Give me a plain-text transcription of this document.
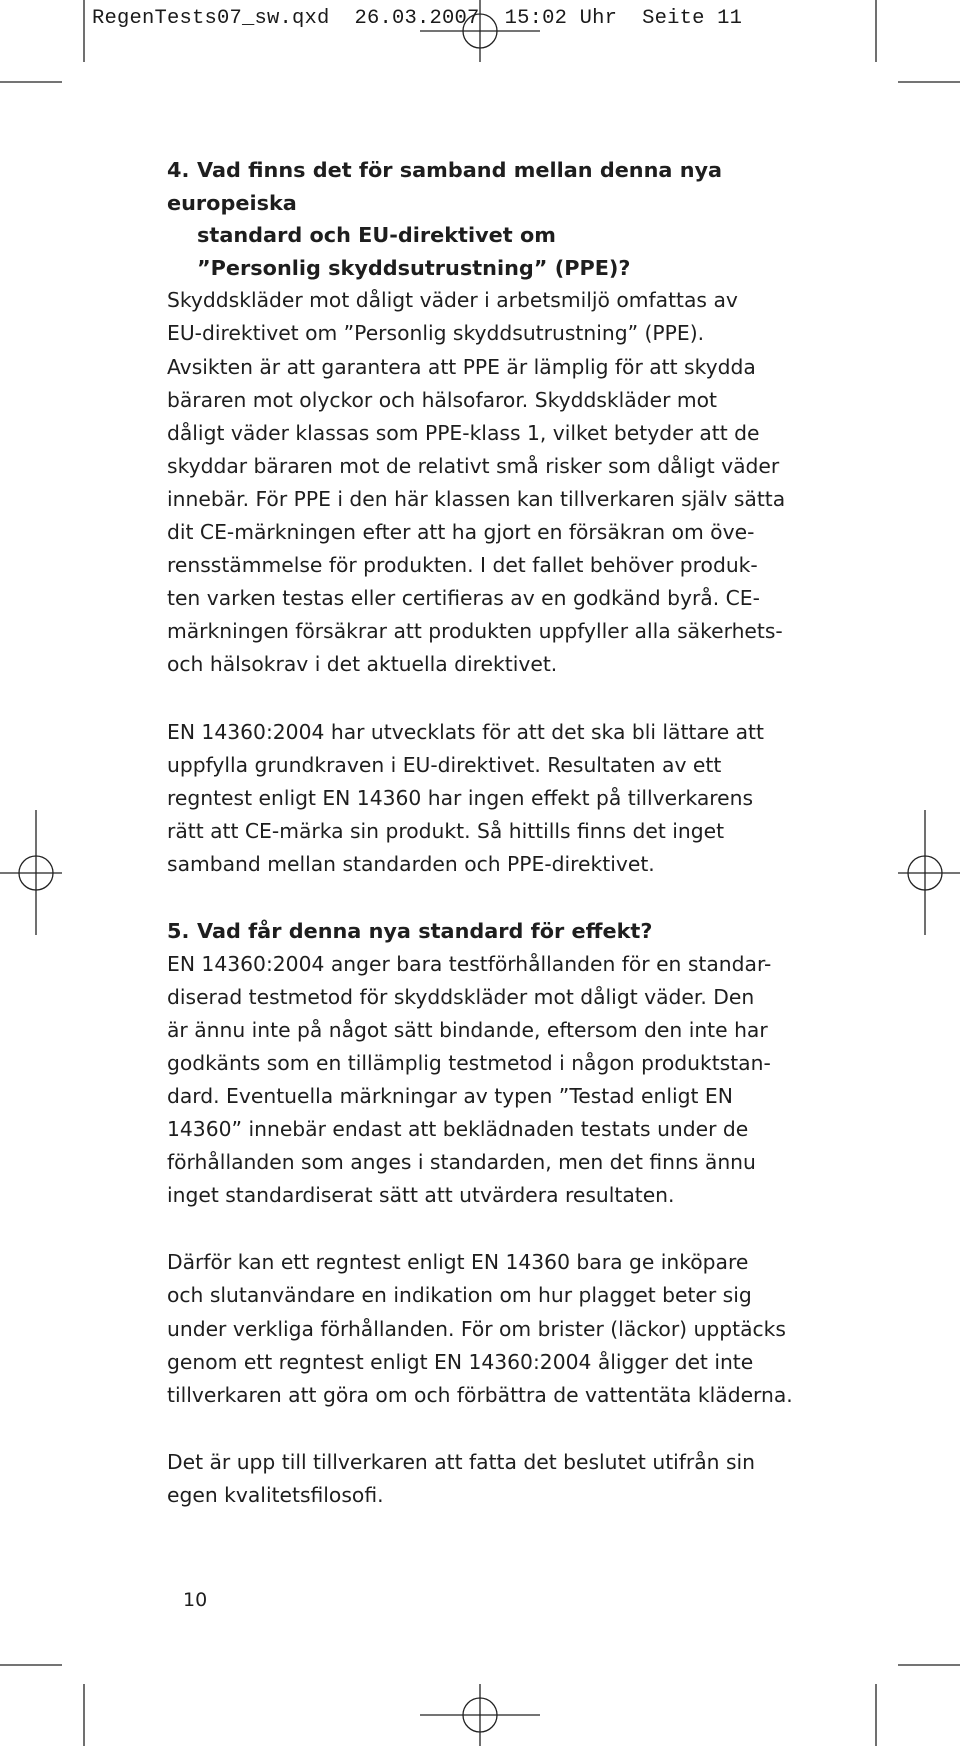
RegenTests07_sw.qxd  26.03.2007  15:02 Uhr  Seite 11
4. Vad finns det för samband mellan denna nya europeiska
standard och EU-direktivet om
”Personlig skyddsutrustning” (PPE)?
Skyddskläder mot dåligt väder i arbetsmiljö omfattas av
EU-direktivet om ”Personlig skyddsutrustning” (PPE).
Avsikten är att garantera att PPE är lämplig för att skydda
bäraren mot olyckor och hälsofaror. Skyddskläder mot
dåligt väder klassas som PPE-klass 1, vilket betyder att de
skyddar bäraren mot de relativt små risker som dåligt väder
innebär. För PPE i den här klassen kan tillverkaren själv sätta
dit CE-märkningen efter att ha gjort en försäkran om öve-
rensstämmelse för produkten. I det fallet behöver produk-
ten varken testas eller certifieras av en godkänd byrå. CE-
märkningen försäkrar att produkten uppfyller alla säkerhets-
och hälsokrav i det aktuella direktivet.
EN 14360:2004 har utvecklats för att det ska bli lättare att
uppfylla grundkraven i EU-direktivet. Resultaten av ett
regntest enligt EN 14360 har ingen effekt på tillverkarens
rätt att CE-märka sin produkt. Så hittills finns det inget
samband mellan standarden och PPE-direktivet.
5. Vad får denna nya standard för effekt?
EN 14360:2004 anger bara testförhållanden för en standar-
diserad testmetod för skyddskläder mot dåligt väder. Den
är ännu inte på något sätt bindande, eftersom den inte har
godkänts som en tillämplig testmetod i någon produktstan-
dard. Eventuella märkningar av typen ”Testad enligt EN
14360” innebär endast att beklädnaden testats under de
förhållanden som anges i standarden, men det finns ännu
inget standardiserat sätt att utvärdera resultaten.
Därför kan ett regntest enligt EN 14360 bara ge inköpare
och slutanvändare en indikation om hur plagget beter sig
under verkliga förhållanden. För om brister (läckor) upptäcks
genom ett regntest enligt EN 14360:2004 åligger det inte
tillverkaren att göra om och förbättra de vattentäta kläderna.
Det är upp till tillverkaren att fatta det beslutet utifrån sin
egen kvalitetsfilosofi.
10
